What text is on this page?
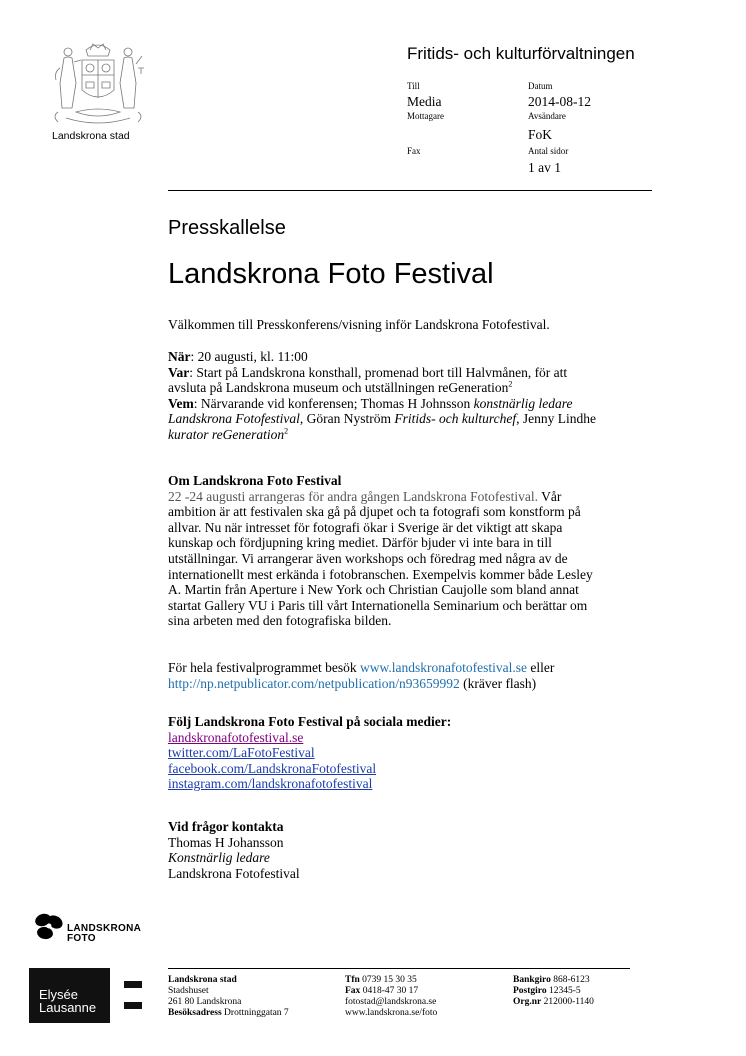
Landskrona stad
Fritids- och kulturförvaltningen
Till
Media
Mottagare
Fax
Datum
2014-08-12
Avsändare
FoK
Antal sidor
1 av 1
Presskallelse
Landskrona Foto Festival
Välkommen till Presskonferens/visning inför Landskrona Fotofestival.

När: 20 augusti, kl. 11:00

Var: Start på Landskrona konsthall, promenad bort till Halvmånen, för att

avsluta på Landskrona museum och utställningen reGeneration$^2$

Vem: Närvarande vid konferensen; Thomas H Johnsson konstnärlig ledare

Landskrona Fotofestival, Göran Nyström Fritids- och kulturchef, Jenny Lindhe

kurator reGeneration$^2$

Om Landskrona Foto Festival

22 -24 augusti arrangeras för andra gången Landskrona Fotofestival. Vår

ambition är att festivalen ska gå på djupet och ta fotografi som konstform på

allvar. Nu när intresset för fotografi ökar i Sverige är det viktigt att skapa

kunskap och fördjupning kring mediet. Därför bjuder vi inte bara in till

utställningar. Vi arrangerar även workshops och föredrag med några av de

internationellt mest erkända i fotobranschen. Exempelvis kommer både Lesley

A. Martin från Aperture i New York och Christian Caujolle som bland annat

startat Gallery VU i Paris till vårt Internationella Seminarium och berättar om

sina arbeten med den fotografiska bilden.

För hela festivalprogrammet besök www.landskronafotofestival.se eller

http://np.netpublicator.com/netpublication/n93659992 (kräver flash)

Följ Landskrona Foto Festival på sociala medier:

landskronafotofestival.se

twitter.com/LaFotoFestival

facebook.com/LandskronaFotofestival

instagram.com/landskronafotofestival

Vid frågor kontakta

Thomas H Johansson

Konstnärlig ledare

Landskrona Fotofestival

LANDSKRONA
FOTO
Elysée
Lausanne
Landskrona stad
Stadshuset
261 80 Landskrona
Besöksadress Drottninggatan 7
Tfn 0739 15 30 35
Fax 0418-47 30 17
fotostad@landskrona.se
www.landskrona.se/foto
Bankgiro 868-6123
Postgiro 12345-5
Org.nr 212000-1140
